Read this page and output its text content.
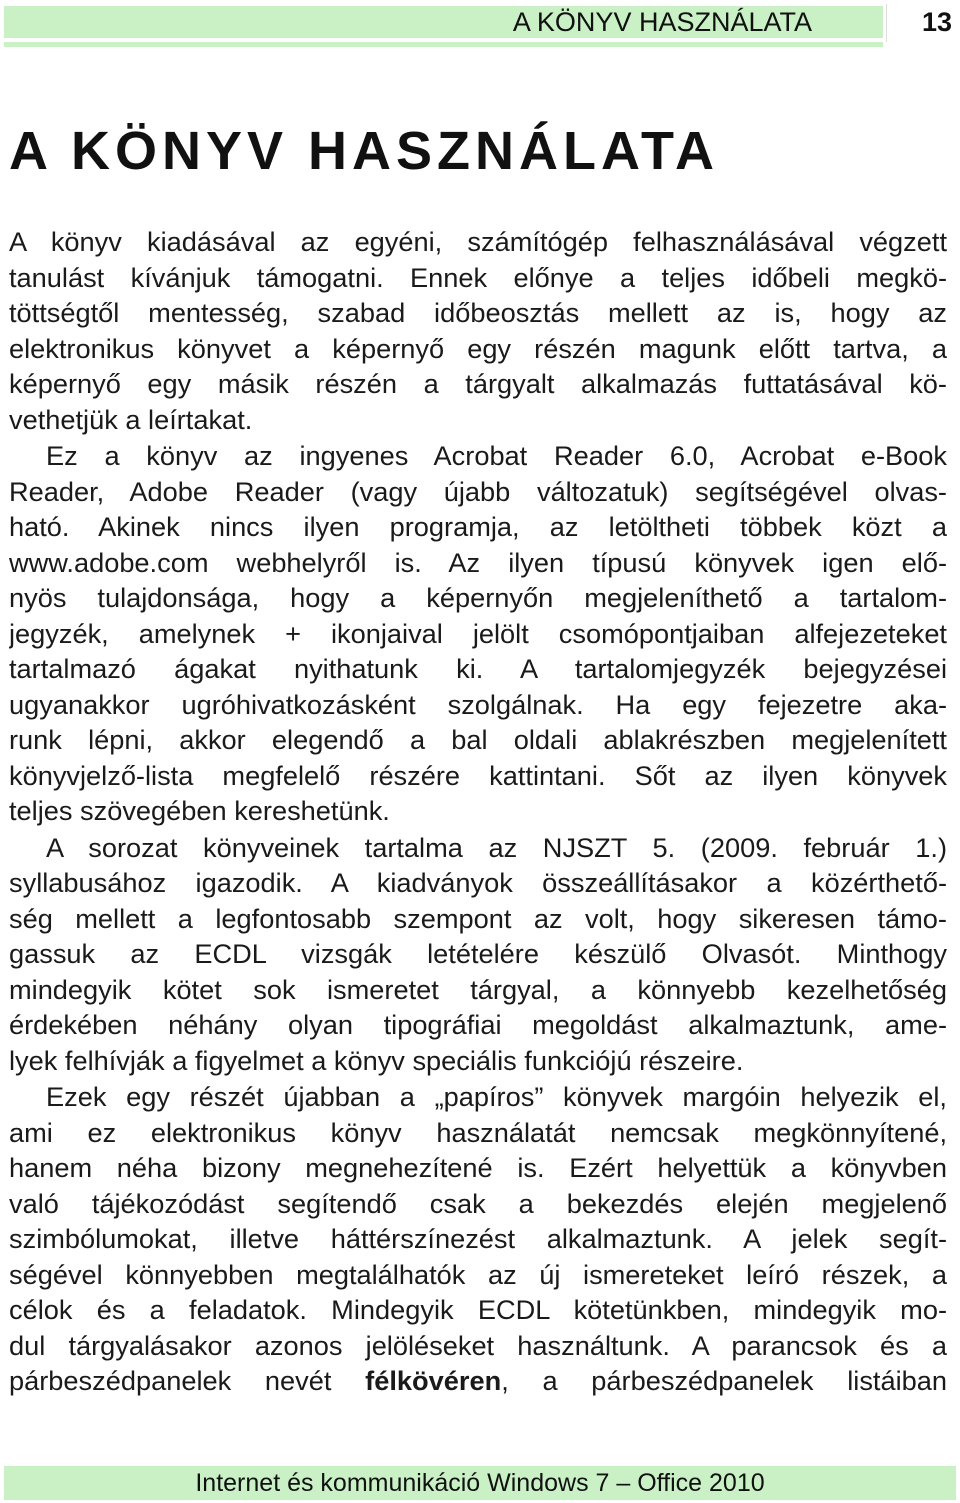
A KÖNYV HASZNÁLATA	13
A KÖNYV HASZNÁLATA
A könyv kiadásával az egyéni, számítógép felhasználásával végzett
tanulást kívánjuk támogatni. Ennek előnye a teljes időbeli megkö-
töttségtől mentesség, szabad időbeosztás mellett az is, hogy az
elektronikus könyvet a képernyő egy részén magunk előtt tartva, a
képernyő egy másik részén a tárgyalt alkalmazás futtatásával kö-
vethetjük a leírtakat.
Ez a könyv az ingyenes Acrobat Reader 6.0, Acrobat e-Book
Reader, Adobe Reader (vagy újabb változatuk) segítségével olvas-
ható. Akinek nincs ilyen programja, az letöltheti többek közt a
www.adobe.com webhelyről is. Az ilyen típusú könyvek igen elő-
nyös tulajdonsága, hogy a képernyőn megjeleníthető a tartalom-
jegyzék, amelynek + ikonjaival jelölt csomópontjaiban alfejezeteket
tartalmazó ágakat nyithatunk ki. A tartalomjegyzék bejegyzései
ugyanakkor ugróhivatkozásként szolgálnak. Ha egy fejezetre aka-
runk lépni, akkor elegendő a bal oldali ablakrészben megjelenített
könyvjelző-lista megfelelő részére kattintani. Sőt az ilyen könyvek
teljes szövegében kereshetünk.
A sorozat könyveinek tartalma az NJSZT 5. (2009. február 1.)
syllabusához igazodik. A kiadványok összeállításakor a közérthető-
ség mellett a legfontosabb szempont az volt, hogy sikeresen támo-
gassuk az ECDL vizsgák letételére készülő Olvasót. Minthogy
mindegyik kötet sok ismeretet tárgyal, a könnyebb kezelhetőség
érdekében néhány olyan tipográfiai megoldást alkalmaztunk, ame-
lyek felhívják a figyelmet a könyv speciális funkciójú részeire.
Ezek egy részét újabban a „papíros” könyvek margóin helyezik el,
ami ez elektronikus könyv használatát nemcsak megkönnyítené,
hanem néha bizony megnehezítené is. Ezért helyettük a könyvben
való tájékozódást segítendő csak a bekezdés elején megjelenő
szimbólumokat, illetve háttérszínezést alkalmaztunk. A jelek segít-
ségével könnyebben megtalálhatók az új ismereteket leíró részek, a
célok és a feladatok. Mindegyik ECDL kötetünkben, mindegyik mo-
dul tárgyalásakor azonos jelöléseket használtunk. A parancsok és a
párbeszédpanelek nevét félkövéren, a párbeszédpanelek listáiban
Internet és kommunikáció Windows 7 – Office 2010
